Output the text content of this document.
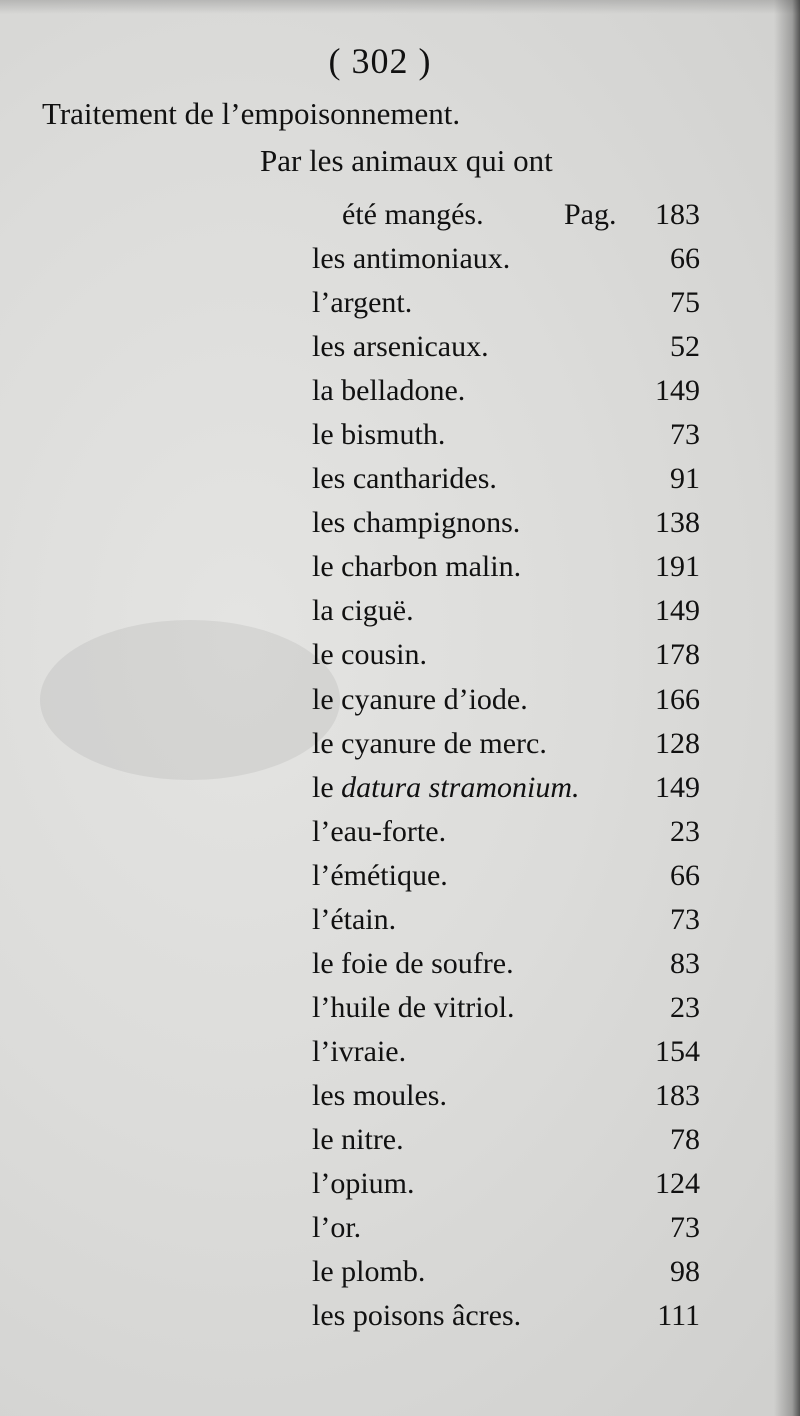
( 302 )
Traitement de l’empoisonnement.
Par les animaux qui ont
été mangés.	Pag. 183
les antimoniaux.	66
l’argent.	75
les arsenicaux.	52
la belladone.	149
le bismuth.	73
les cantharides.	91
les champignons.	138
le charbon malin.	191
la ciguë.	149
le cousin.	178
le cyanure d’iode.	166
le cyanure de merc.	128
le datura stramonium.	149
l’eau-forte.	23
l’émétique.	66
l’étain.	73
le foie de soufre.	83
l’huile de vitriol.	23
l’ivraie.	154
les moules.	183
le nitre.	78
l’opium.	124
l’or.	73
le plomb.	98
les poisons âcres.	111
